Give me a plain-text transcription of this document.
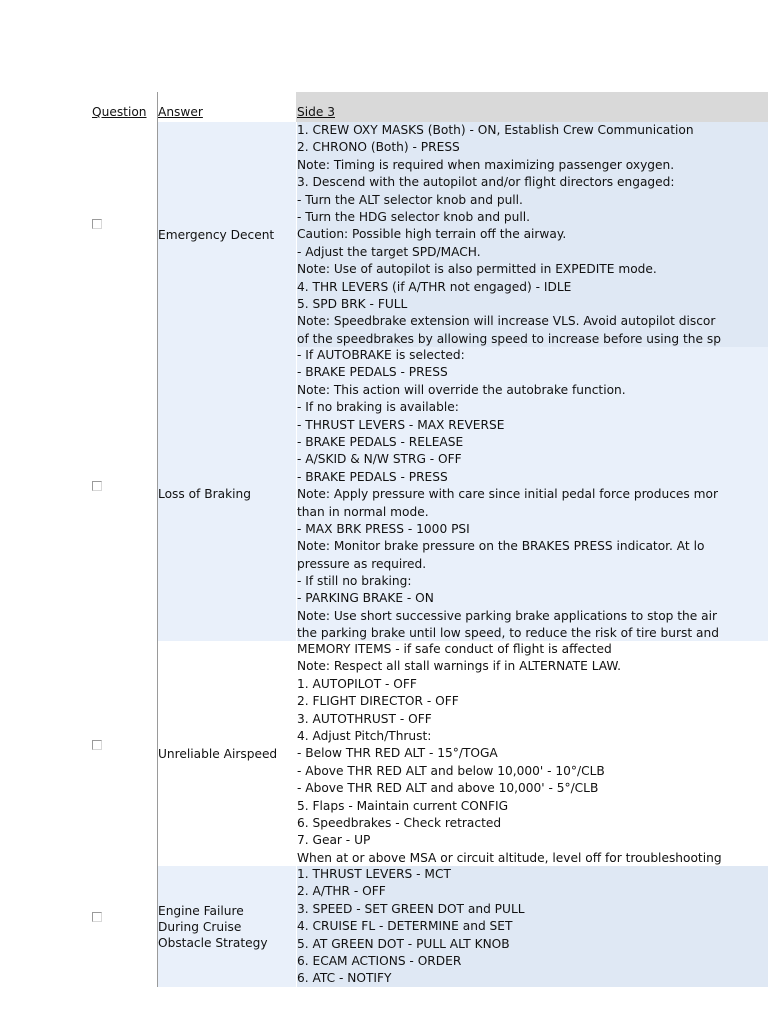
Question Answer	Side 3
Emergency Decent
1. CREW OXY MASKS (Both) - ON, Establish Crew Communication
2. CHRONO (Both) - PRESS
Note: Timing is required when maximizing passenger oxygen.
3. Descend with the autopilot and/or flight directors engaged:
- Turn the ALT selector knob and pull.
- Turn the HDG selector knob and pull.
Caution: Possible high terrain off the airway.
- Adjust the target SPD/MACH.
Note: Use of autopilot is also permitted in EXPEDITE mode.
4. THR LEVERS (if A/THR not engaged) - IDLE
5. SPD BRK - FULL
Note: Speedbrake extension will increase VLS. Avoid autopilot discor
of the speedbrakes by allowing speed to increase before using the sp
Loss of Braking
- If AUTOBRAKE is selected:
- BRAKE PEDALS - PRESS
Note: This action will override the autobrake function.
- If no braking is available:
- THRUST LEVERS - MAX REVERSE
- BRAKE PEDALS - RELEASE
- A/SKID & N/W STRG - OFF
- BRAKE PEDALS - PRESS
Note: Apply pressure with care since initial pedal force produces mor
than in normal mode.
- MAX BRK PRESS - 1000 PSI
Note: Monitor brake pressure on the BRAKES PRESS indicator. At lo
pressure as required.
- If still no braking:
- PARKING BRAKE - ON
Note: Use short successive parking brake applications to stop the air
the parking brake until low speed, to reduce the risk of tire burst and
Unreliable Airspeed
MEMORY ITEMS - if safe conduct of flight is affected
Note: Respect all stall warnings if in ALTERNATE LAW.
1. AUTOPILOT - OFF
2. FLIGHT DIRECTOR - OFF
3. AUTOTHRUST - OFF
4. Adjust Pitch/Thrust:
- Below THR RED ALT - 15°/TOGA
- Above THR RED ALT and below 10,000' - 10°/CLB
- Above THR RED ALT and above 10,000' - 5°/CLB
5. Flaps - Maintain current CONFIG
6. Speedbrakes - Check retracted
7. Gear - UP
When at or above MSA or circuit altitude, level off for troubleshooting
Engine Failure
During Cruise
Obstacle Strategy
1. THRUST LEVERS - MCT
2. A/THR - OFF
3. SPEED - SET GREEN DOT and PULL
4. CRUISE FL - DETERMINE and SET
5. AT GREEN DOT - PULL ALT KNOB
6. ECAM ACTIONS - ORDER
6. ATC - NOTIFY
